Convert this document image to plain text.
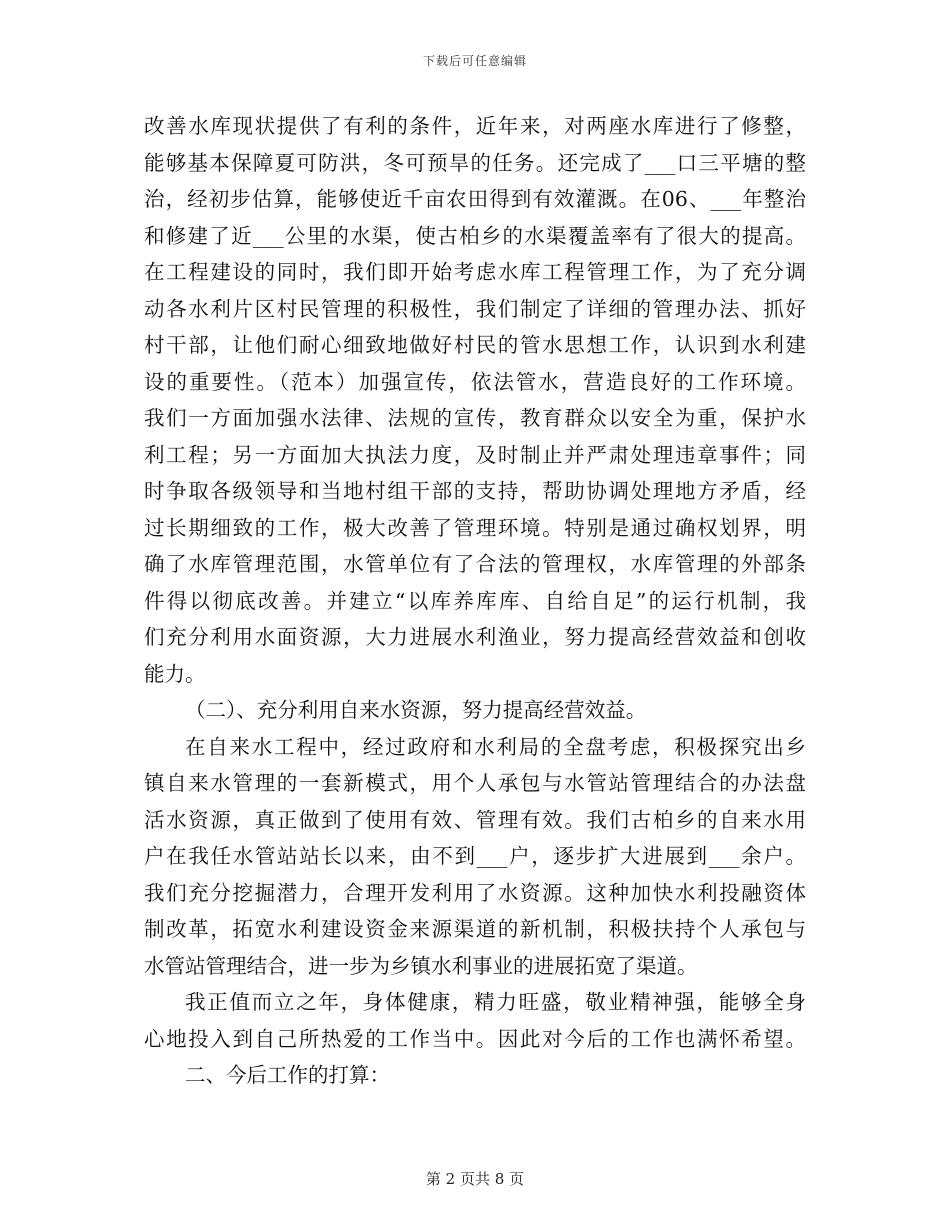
下载后可任意编辑
改善水库现状提供了有利的条件，近年来，对两座水库进行了修整，
能够基本保障夏可防洪，冬可预旱的任务。还完成了___口三平塘的整
治，经初步估算，能够使近千亩农田得到有效灌溉。在06、___年整治
和修建了近___公里的水渠，使古柏乡的水渠覆盖率有了很大的提高。
在工程建设的同时，我们即开始考虑水库工程管理工作，为了充分调
动各水利片区村民管理的积极性，我们制定了详细的管理办法、抓好
村干部，让他们耐心细致地做好村民的管水思想工作，认识到水利建
设的重要性。（范本）加强宣传，依法管水，营造良好的工作环境。
我们一方面加强水法律、法规的宣传，教育群众以安全为重，保护水
利工程；另一方面加大执法力度，及时制止并严肃处理违章事件；同
时争取各级领导和当地村组干部的支持，帮助协调处理地方矛盾，经
过长期细致的工作，极大改善了管理环境。特别是通过确权划界，明
确了水库管理范围，水管单位有了合法的管理权，水库管理的外部条
件得以彻底改善。并建立“以库养库库、自给自足”的运行机制，我
们充分利用水面资源，大力进展水利渔业，努力提高经营效益和创收
能力。
（二）、充分利用自来水资源，努力提高经营效益。
在自来水工程中，经过政府和水利局的全盘考虑，积极探究出乡
镇自来水管理的一套新模式，用个人承包与水管站管理结合的办法盘
活水资源，真正做到了使用有效、管理有效。我们古柏乡的自来水用
户在我任水管站站长以来，由不到___户，逐步扩大进展到___余户。
我们充分挖掘潜力，合理开发利用了水资源。这种加快水利投融资体
制改革，拓宽水利建设资金来源渠道的新机制，积极扶持个人承包与
水管站管理结合，进一步为乡镇水利事业的进展拓宽了渠道。
我正值而立之年，身体健康，精力旺盛，敬业精神强，能够全身
心地投入到自己所热爱的工作当中。因此对今后的工作也满怀希望。
二、今后工作的打算：
第 2 页共 8 页
